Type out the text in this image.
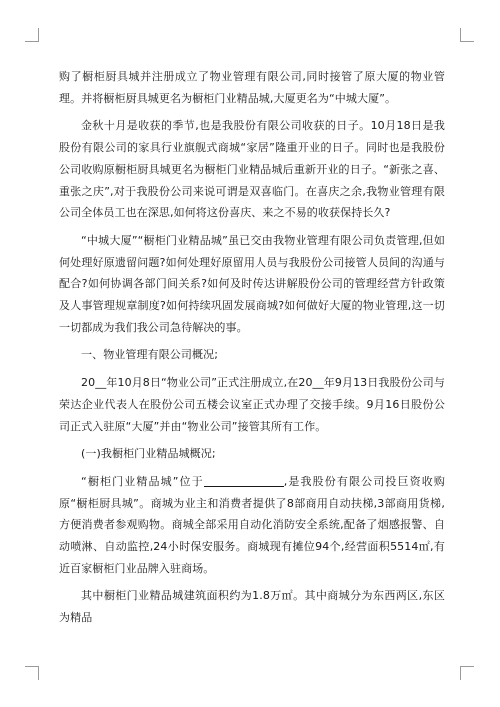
购了橱柜厨具城并注册成立了物业管理有限公司,同时接管了原大厦的物业管理。并将橱柜厨具城更名为橱柜门业精品城,大厦更名为“中城大厦”。

金秋十月是收获的季节,也是我股份有限公司收获的日子。10月18日是我股份有限公司的家具行业旗舰式商城“家居”隆重开业的日子。同时也是我股份公司收购原橱柜厨具城更名为橱柜门业精品城后重新开业的日子。“新张之喜、重张之庆”,对于我股份公司来说可谓是双喜临门。在喜庆之余,我物业管理有限公司全体员工也在深思,如何将这份喜庆、来之不易的收获保持长久?

“中城大厦”“橱柜门业精品城”虽已交由我物业管理有限公司负责管理,但如何处理好原遗留问题?如何处理好原留用人员与我股份公司接管人员间的沟通与配合?如何协调各部门间关系?如何及时传达讲解股份公司的管理经营方针政策及人事管理规章制度?如何持续巩固发展商城?如何做好大厦的物业管理,这一切一切都成为我们我公司急待解决的事。

一、物业管理有限公司概况;

20__年10月8日“物业公司”正式注册成立,在20__年9月13日我股份公司与荣达企业代表人在股份公司五楼会议室正式办理了交接手续。9月16日股份公司正式入驻原“大厦”并由“物业公司”接管其所有工作。

(一)我橱柜门业精品城概况;

“橱柜门业精品城”位于	,是我股份有限公司投巨资收购原“橱柜厨具城”。商城为业主和消费者提供了8部商用自动扶梯,3部商用货梯,方便消费者参观购物。商城全部采用自动化消防安全系统,配备了烟感报警、自动喷淋、自动监控,24小时保安服务。商城现有摊位94个,经营面积5514㎡,有近百家橱柜门业品牌入驻商场。

其中橱柜门业精品城建筑面积约为1.8万㎡。其中商城分为东西两区,东区为精品
